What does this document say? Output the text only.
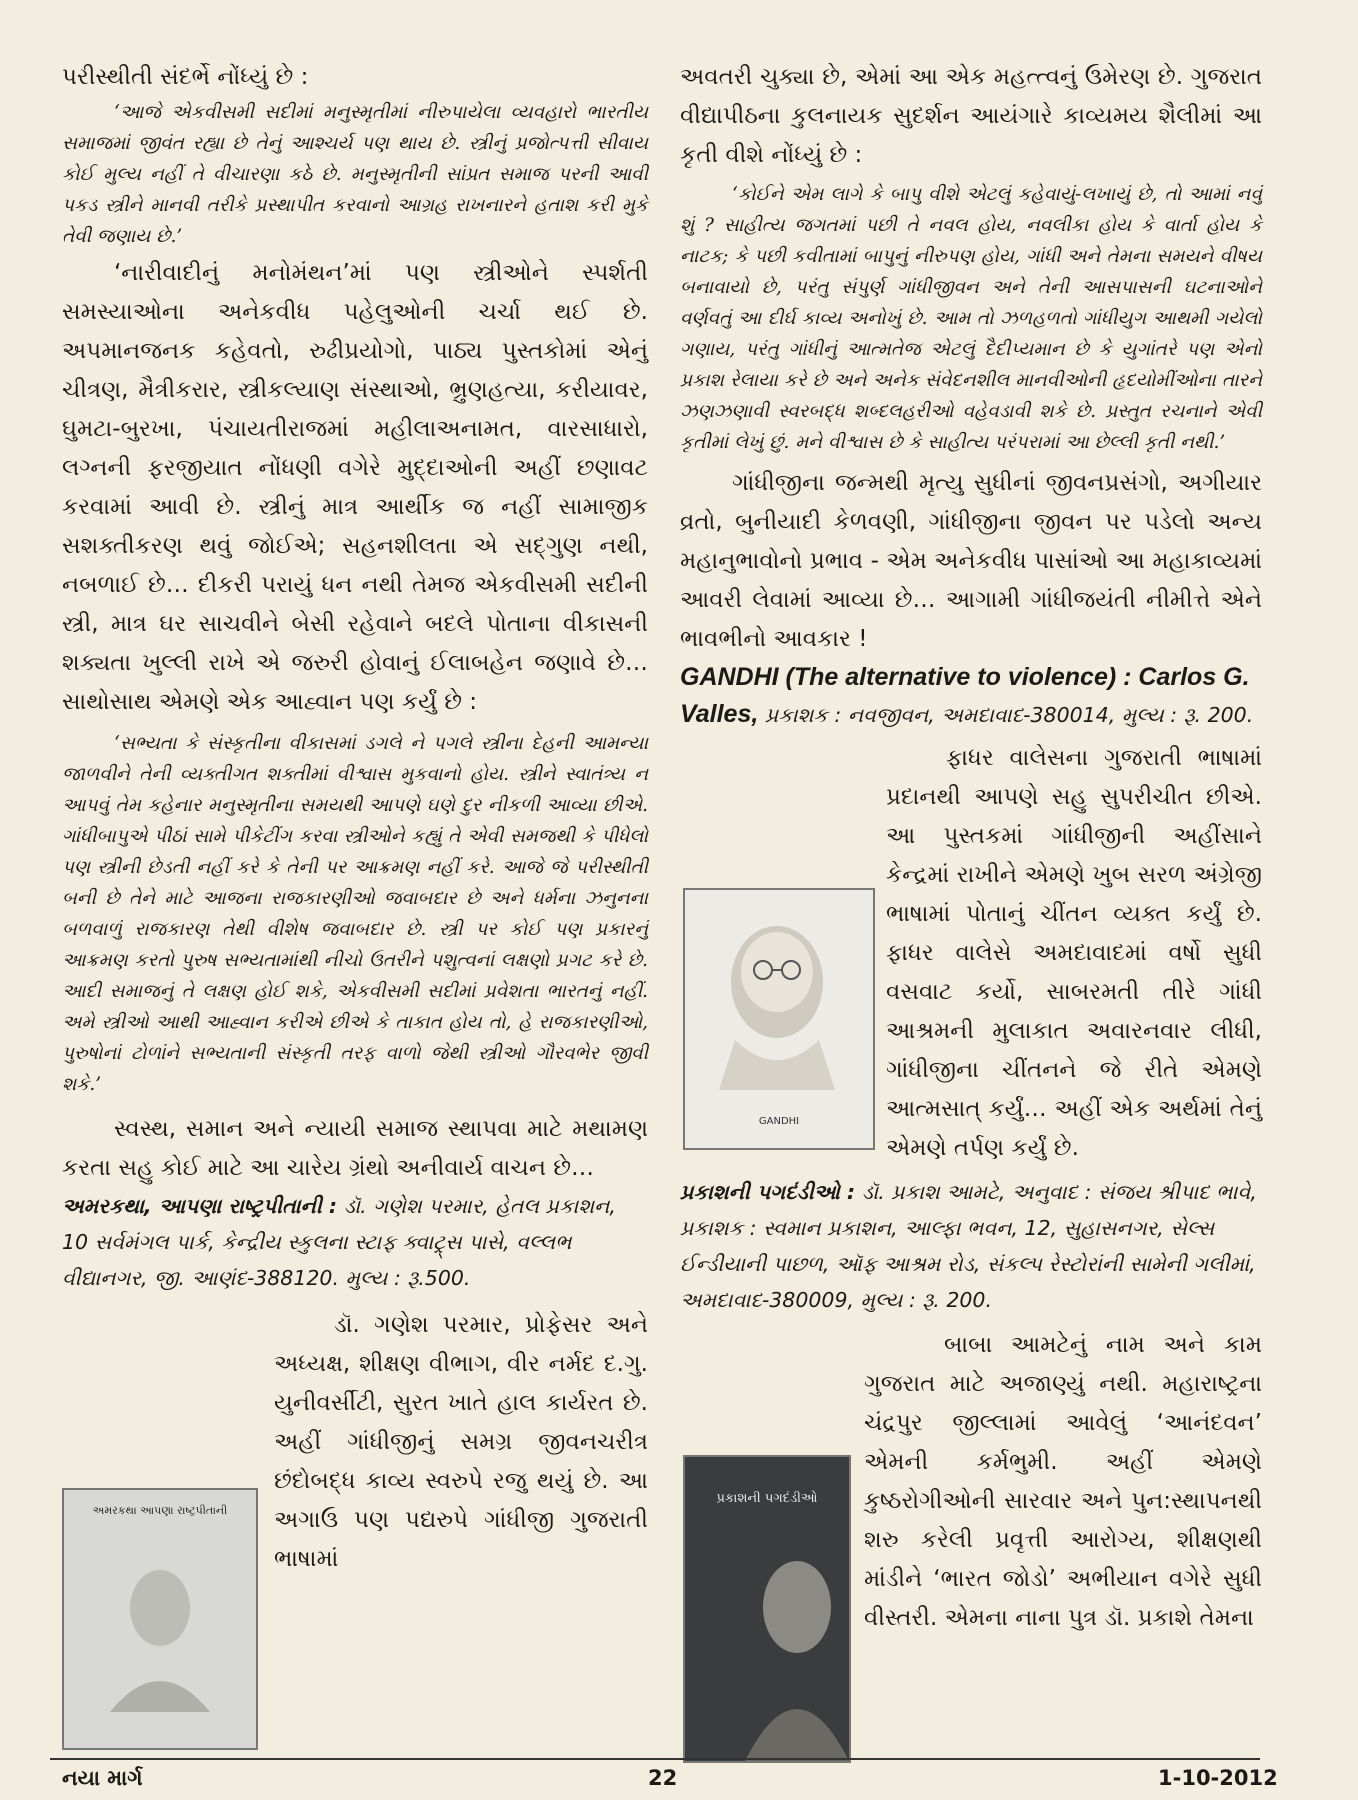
પરીસ્થીતી સંદર્ભે નોંધ્યું છે :

‘આજે એકવીસમી સદીમાં મનુસ્મૃતીમાં નીરુપાયેલા વ્યવહારો ભારતીય સમાજમાં જીવંત રહ્યા છે તેનું આશ્ચર્ય પણ થાય છે. સ્ત્રીનું પ્રજોત્પત્તી સીવાય કોઈ મુલ્ય નહીં તે વીચારણા કઠે છે. મનુસ્મૃતીની સાંપ્રત સમાજ પરની આવી પકડ સ્ત્રીને માનવી તરીકે પ્રસ્થાપીત કરવાનો આગ્રહ રાખનારને હતાશ કરી મુકે તેવી જણાય છે.’

‘નારીવાદીનું મનોમંથન’માં પણ સ્ત્રીઓને સ્પર્શતી સમસ્યાઓના અનેકવીધ પહેલુઓની ચર્ચા થઈ છે. અપમાનજનક કહેવતો, રુઢીપ્રયોગો, પાઠ્ય પુસ્તકોમાં એનું ચીત્રણ, મૈત્રીકરાર, સ્ત્રીકલ્યાણ સંસ્થાઓ, ભ્રુણહત્યા, કરીયાવર, ઘુમટા-બુરખા, પંચાયતીરાજમાં મહીલાઅનામત, વારસાધારો, લગ્નની ફરજીયાત નોંધણી વગેરે મુદ્દાઓની અહીં છણાવટ કરવામાં આવી છે. સ્ત્રીનું માત્ર આર્થીક જ નહીં સામાજીક સશક્તીકરણ થવું જોઈએ; સહનશીલતા એ સદ્ગુણ નથી, નબળાઈ છે… દીકરી પરાયું ધન નથી તેમજ એકવીસમી સદીની સ્ત્રી, માત્ર ઘર સાચવીને બેસી રહેવાને બદલે પોતાના વીકાસની શક્યતા ખુલ્લી રાખે એ જરુરી હોવાનું ઈલાબહેન જણાવે છે… સાથોસાથ એમણે એક આહ્વાન પણ કર્યું છે :

‘સભ્યતા કે સંસ્કૃતીના વીકાસમાં ડગલે ને પગલે સ્ત્રીના દેહની આમન્યા જાળવીને તેની વ્યક્તીગત શક્તીમાં વીશ્વાસ મુકવાનો હોય. સ્ત્રીને સ્વાતંત્ર્ય ન આપવું તેમ કહેનાર મનુસ્મૃતીના સમયથી આપણે ઘણે દુર નીકળી આવ્યા છીએ. ગાંધીબાપુએ પીઠાં સામે પીકેટીંગ કરવા સ્ત્રીઓને કહ્યું તે એવી સમજથી કે પીધેલો પણ સ્ત્રીની છેડતી નહીં કરે કે તેની પર આક્રમણ નહીં કરે. આજે જે પરીસ્થીતી બની છે તેને માટે આજના રાજકારણીઓ જવાબદાર છે અને ધર્મના ઝનુનના બળવાળું રાજકારણ તેથી વીશેષ જવાબદાર છે. સ્ત્રી પર કોઈ પણ પ્રકારનું આક્રમણ કરતો પુરુષ સભ્યતામાંથી નીચો ઉતરીને પશુત્વનાં લક્ષણો પ્રગટ કરે છે. આદી સમાજનું તે લક્ષણ હોઈ શકે, એકવીસમી સદીમાં પ્રવેશતા ભારતનું નહીં. અમે સ્ત્રીઓ આથી આહ્વાન કરીએ છીએ કે તાકાત હોય તો, હે રાજકારણીઓ, પુરુષોનાં ટોળાંને સભ્યતાની સંસ્કૃતી તરફ વાળો જેથી સ્ત્રીઓ ગૌરવભેર જીવી શકે.’

સ્વસ્થ, સમાન અને ન્યાયી સમાજ સ્થાપવા માટે મથામણ કરતા સહુ કોઈ માટે આ ચારેય ગ્રંથો અનીવાર્ય વાચન છે…

અમરકથા, આપણા રાષ્ટ્રપીતાની : ડૉ. ગણેશ પરમાર, હેતલ પ્રકાશન, 10 સર્વમંગલ પાર્ક, કેન્દ્રીય સ્કુલના સ્ટાફ ક્વાટ્ર્સ પાસે, વલ્લભ વીદ્યાનગર, જી. આણંદ-388120. મુલ્ય : રૂ.500.

ડૉ. ગણેશ પરમાર, પ્રોફેસર અને અધ્યક્ષ, શીક્ષણ વીભાગ, વીર નર્મદ દ.ગુ. યુનીવર્સીટી, સુરત ખાતે હાલ કાર્યરત છે. અહીં ગાંધીજીનું સમગ્ર જીવનચરીત્ર છંદોબદ્ધ કાવ્ય સ્વરુપે રજુ થયું છે. આ અગાઉ પણ પદ્યરુપે ગાંધીજી ગુજરાતી ભાષામાં

અવતરી ચુક્યા છે, એમાં આ એક મહત્ત્વનું ઉમેરણ છે. ગુજરાત વીદ્યાપીઠના કુલનાયક સુદર્શન આયંગારે કાવ્યમય શૈલીમાં આ કૃતી વીશે નોંધ્યું છે :

‘કોઈને એમ લાગે કે બાપુ વીશે એટલું કહેવાયું-લખાયું છે, તો આમાં નવું શું ? સાહીત્ય જગતમાં પછી તે નવલ હોય, નવલીકા હોય કે વાર્તા હોય કે નાટક; કે પછી કવીતામાં બાપુનું નીરુપણ હોય, ગાંધી અને તેમના સમયને વીષય બનાવાયો છે, પરંતુ સંપુર્ણ ગાંધીજીવન અને તેની આસપાસની ઘટનાઓને વર્ણવતું આ દીર્ઘ કાવ્ય અનોખું છે. આમ તો ઝળહળતો ગાંધીયુગ આથમી ગયેલો ગણાય, પરંતુ ગાંધીનું આત્મતેજ એટલું દૈદીપ્યમાન છે કે યુગાંતરે પણ એનો પ્રકાશ રેલાયા કરે છે અને અનેક સંવેદનશીલ માનવીઓની હૃદયોમીંઓના તારને ઝણઝણાવી સ્વરબદ્ધ શબ્દલહરીઓ વહેવડાવી શકે છે. પ્રસ્તુત રચનાને એવી કૃતીમાં લેખું છું. મને વીશ્વાસ છે કે સાહીત્ય પરંપરામાં આ છેલ્લી કૃતી નથી.’

ગાંધીજીના જન્મથી મૃત્યુ સુધીનાં જીવનપ્રસંગો, અગીયાર વ્રતો, બુનીયાદી કેળવણી, ગાંધીજીના જીવન પર પડેલો અન્ય મહાનુભાવોનો પ્રભાવ - એમ અનેકવીધ પાસાંઓ આ મહાકાવ્યમાં આવરી લેવામાં આવ્યા છે… આગામી ગાંધીજયંતી નીમીત્તે એને ભાવભીનો આવકાર !

GANDHI (The alternative to violence) : Carlos G. Valles, પ્રકાશક : નવજીવન, અમદાવાદ-380014, મુલ્ય : રૂ. 200.

ફાધર વાલેસના ગુજરાતી ભાષામાં પ્રદાનથી આપણે સહુ સુપરીચીત છીએ. આ પુસ્તકમાં ગાંધીજીની અહીંસાને કેન્દ્રમાં રાખીને એમણે ખુબ સરળ અંગ્રેજી ભાષામાં પોતાનું ચીંતન વ્યક્ત કર્યું છે. ફાધર વાલેસે અમદાવાદમાં વર્ષો સુધી વસવાટ કર્યો, સાબરમતી તીરે ગાંધી આશ્રમની મુલાકાત અવારનવાર લીધી, ગાંધીજીના ચીંતનને જે રીતે એમણે આત્મસાત્ કર્યું… અહીં એક અર્થમાં તેનું એમણે તર્પણ કર્યું છે.

પ્રકાશની પગદંડીઓ : ડૉ. પ્રકાશ આમટે, અનુવાદ : સંજય શ્રીપાદ ભાવે, પ્રકાશક : સ્વમાન પ્રકાશન, આલ્ફા ભવન, 12, સુહાસનગર, સેલ્સ ઈન્ડીયાની પાછળ, ઑફ આશ્રમ રોડ, સંકલ્પ રેસ્ટોરાંની સામેની ગલીમાં, અમદાવાદ-380009, મુલ્ય : રૂ. 200.

બાબા આમટેનું નામ અને કામ ગુજરાત માટે અજાણ્યું નથી. મહારાષ્ટ્રના ચંદ્રપુર જીલ્લામાં આવેલું ‘આનંદવન’ એમની કર્મભુમી. અહીં એમણે કુષ્ઠરોગીઓની સારવાર અને પુન:સ્થાપનથી શરુ કરેલી પ્રવૃત્તી આરોગ્ય, શીક્ષણથી માંડીને ‘ભારત જોડો’ અભીયાન વગેરે સુધી વીસ્તરી. એમના નાના પુત્ર ડૉ. પ્રકાશે તેમના

GANDHI
અમરકથા આપણા રાષ્ટ્રપીતાની
પ્રકાશની પગદંડીઓ
નયા માર્ગ	22	1-10-2012
